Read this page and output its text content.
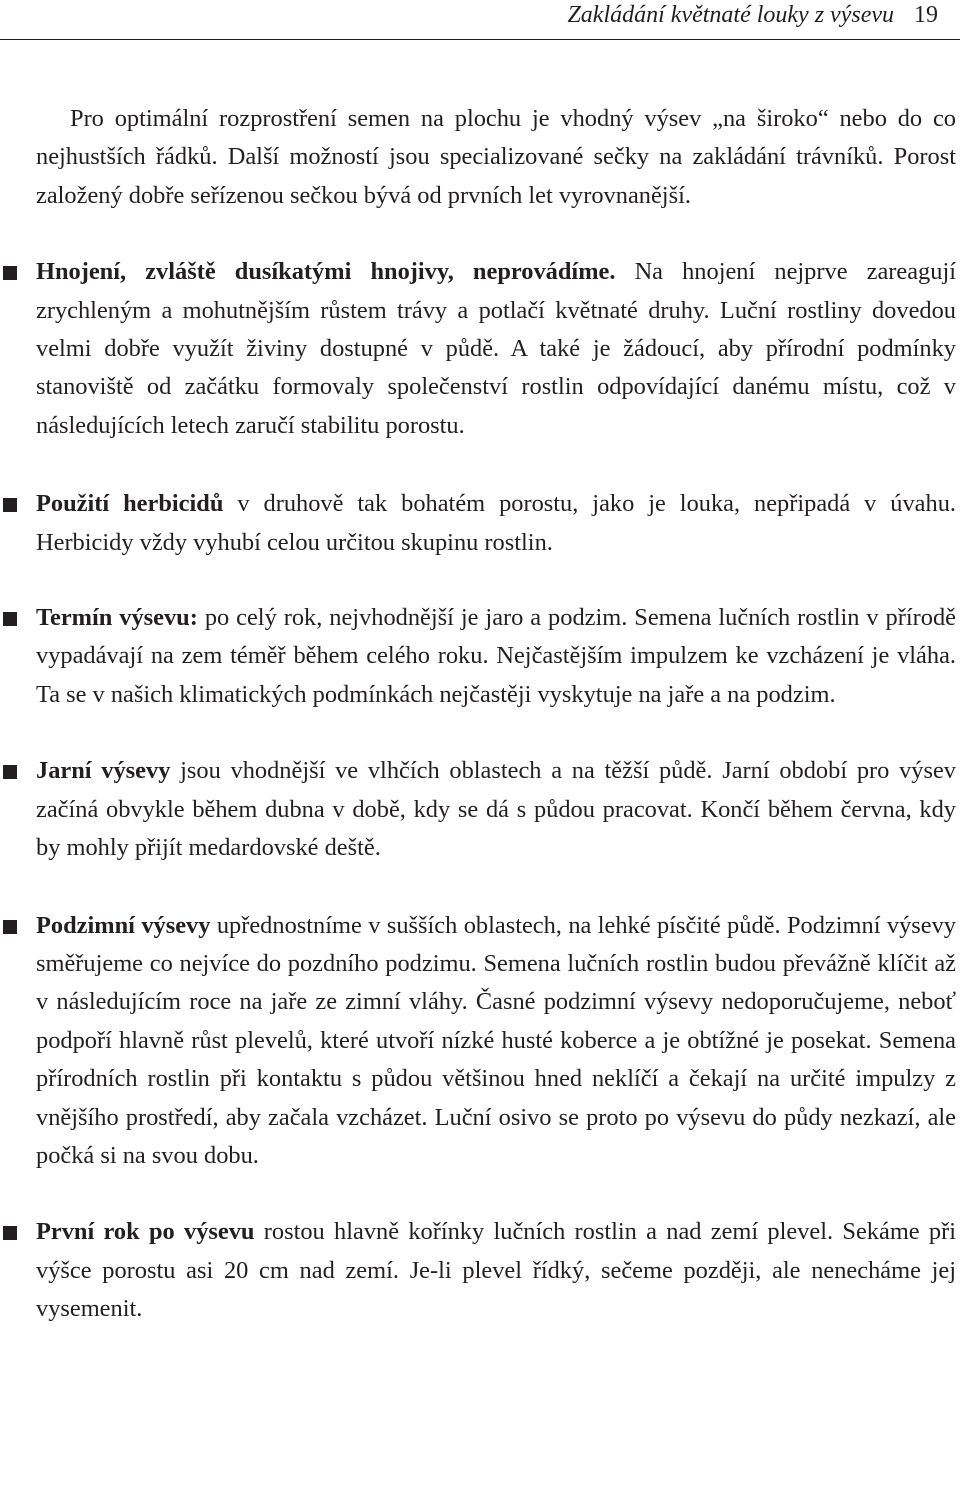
Zakládání květnaté louky z výsevu 19

Pro optimální rozprostření semen na plochu je vhodný výsev „na široko“ nebo do co nejhustších řádků. Další možností jsou specializované sečky na zakládání trávníků. Porost založený dobře seřízenou sečkou bývá od prvních let vyrovnanější.

Hnojení, zvláště dusíkatými hnojivy, neprovádíme. Na hnojení nejprve zareagují zrychleným a mohutnějším růstem trávy a potlačí květnaté druhy. Luční rostliny dovedou velmi dobře využít živiny dostupné v půdě. A také je žádoucí, aby přírodní podmínky stanoviště od začátku formovaly společenství rostlin odpovídající danému místu, což v následujících letech zaručí stabilitu porostu.

Použití herbicidů v druhově tak bohatém porostu, jako je louka, nepřipadá v úvahu. Herbicidy vždy vyhubí celou určitou skupinu rostlin.

Termín výsevu: po celý rok, nejvhodnější je jaro a podzim. Semena lučních rostlin v přírodě vypadávají na zem téměř během celého roku. Nejčastějším impulzem ke vzcházení je vláha. Ta se v našich klimatických podmínkách nejčastěji vyskytuje na jaře a na podzim.

Jarní výsevy jsou vhodnější ve vlhčích oblastech a na těžší půdě. Jarní období pro výsev začíná obvykle během dubna v době, kdy se dá s půdou pracovat. Končí během června, kdy by mohly přijít medardovské deště.

Podzimní výsevy upřednostníme v sušších oblastech, na lehké písčité půdě. Podzimní výsevy směřujeme co nejvíce do pozdního podzimu. Semena lučních rostlin budou převážně klíčit až v následujícím roce na jaře ze zimní vláhy. Časné podzimní výsevy nedoporučujeme, neboť podpoří hlavně růst plevelů, které utvoří nízké husté koberce a je obtížné je posekat. Semena přírodních rostlin při kontaktu s půdou většinou hned neklíčí a čekají na určité impulzy z vnějšího prostředí, aby začala vzcházet. Luční osivo se proto po výsevu do půdy nezkazí, ale počká si na svou dobu.

První rok po výsevu rostou hlavně kořínky lučních rostlin a nad zemí plevel. Sekáme při výšce porostu asi 20 cm nad zemí. Je-li plevel řídký, sečeme později, ale nenecháme jej vysemenit.
